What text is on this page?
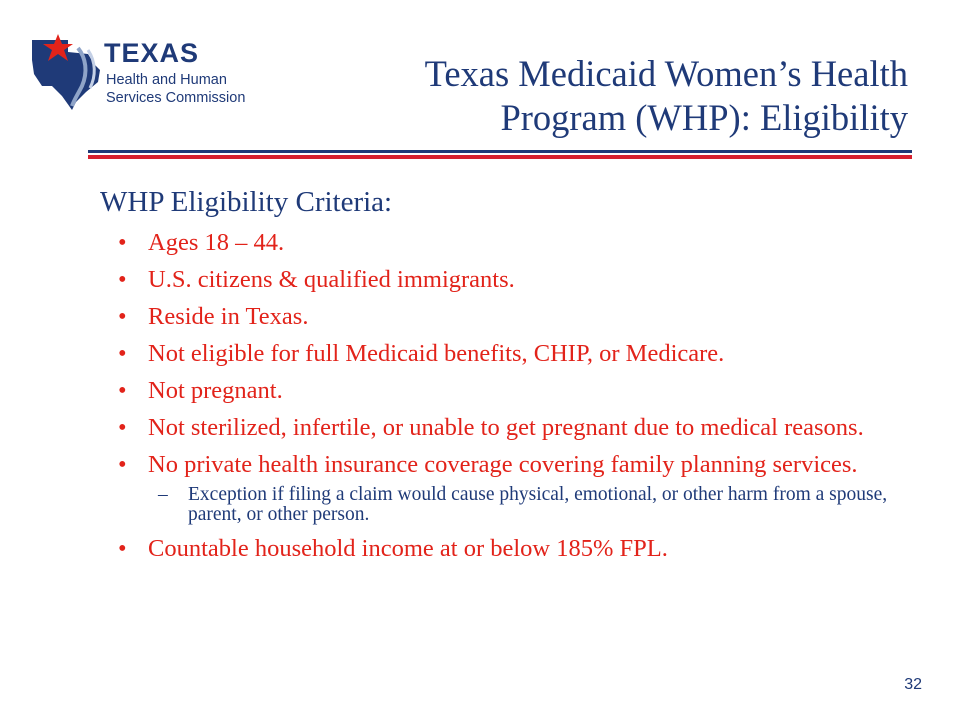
TEXAS
Health and Human
Services Commission
Texas Medicaid Women’s Health
Program (WHP): Eligibility
WHP Eligibility Criteria:
• Ages 18 – 44.
• U.S. citizens & qualified immigrants.
• Reside in Texas.
• Not eligible for full Medicaid benefits, CHIP, or Medicare.
• Not pregnant.
• Not sterilized, infertile, or unable to get pregnant due to medical reasons.
• No private health insurance coverage covering family planning services.
– Exception if filing a claim would cause physical, emotional, or other harm from a spouse, parent, or other person.
• Countable household income at or below 185% FPL.
32
